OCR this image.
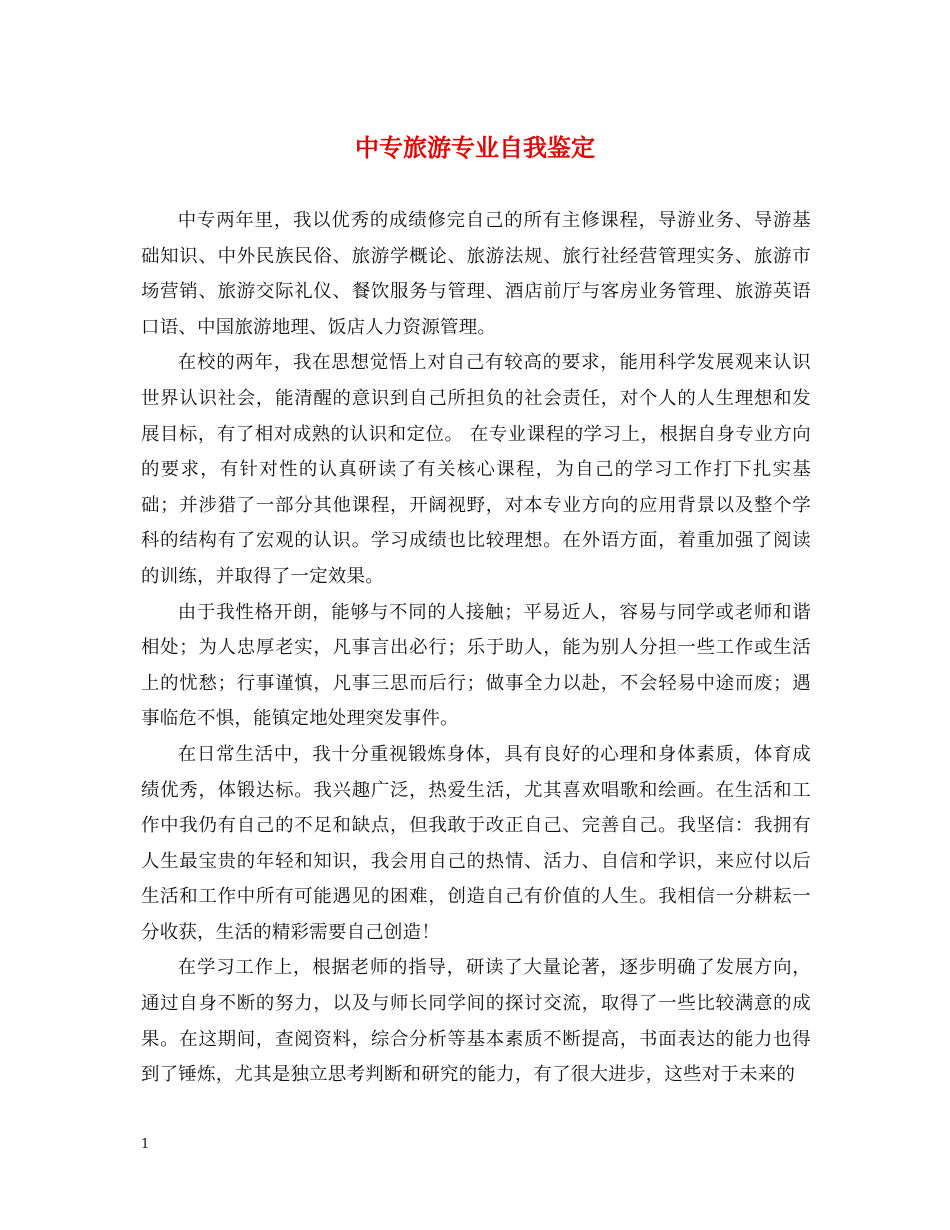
中专旅游专业自我鉴定

中专两年里，我以优秀的成绩修完自己的所有主修课程，导游业务、导游基础知识、中外民族民俗、旅游学概论、旅游法规、旅行社经营管理实务、旅游市场营销、旅游交际礼仪、餐饮服务与管理、酒店前厅与客房业务管理、旅游英语口语、中国旅游地理、饭店人力资源管理。

在校的两年，我在思想觉悟上对自己有较高的要求，能用科学发展观来认识世界认识社会，能清醒的意识到自己所担负的社会责任，对个人的人生理想和发展目标，有了相对成熟的认识和定位。 在专业课程的学习上，根据自身专业方向的要求，有针对性的认真研读了有关核心课程，为自己的学习工作打下扎实基础；并涉猎了一部分其他课程，开阔视野，对本专业方向的应用背景以及整个学科的结构有了宏观的认识。学习成绩也比较理想。在外语方面，着重加强了阅读的训练，并取得了一定效果。

由于我性格开朗，能够与不同的人接触；平易近人，容易与同学或老师和谐相处；为人忠厚老实，凡事言出必行；乐于助人，能为别人分担一些工作或生活上的忧愁；行事谨慎，凡事三思而后行；做事全力以赴，不会轻易中途而废；遇事临危不惧，能镇定地处理突发事件。

在日常生活中，我十分重视锻炼身体，具有良好的心理和身体素质，体育成绩优秀，体锻达标。我兴趣广泛，热爱生活，尤其喜欢唱歌和绘画。在生活和工作中我仍有自己的不足和缺点，但我敢于改正自己、完善自己。我坚信：我拥有人生最宝贵的年轻和知识，我会用自己的热情、活力、自信和学识，来应付以后生活和工作中所有可能遇见的困难，创造自己有价值的人生。我相信一分耕耘一分收获，生活的精彩需要自己创造！

在学习工作上，根据老师的指导，研读了大量论著，逐步明确了发展方向，通过自身不断的努力，以及与师长同学间的探讨交流，取得了一些比较满意的成果。在这期间，查阅资料，综合分析等基本素质不断提高，书面表达的能力也得到了锤炼，尤其是独立思考判断和研究的能力，有了很大进步，这些对于未来的

1
